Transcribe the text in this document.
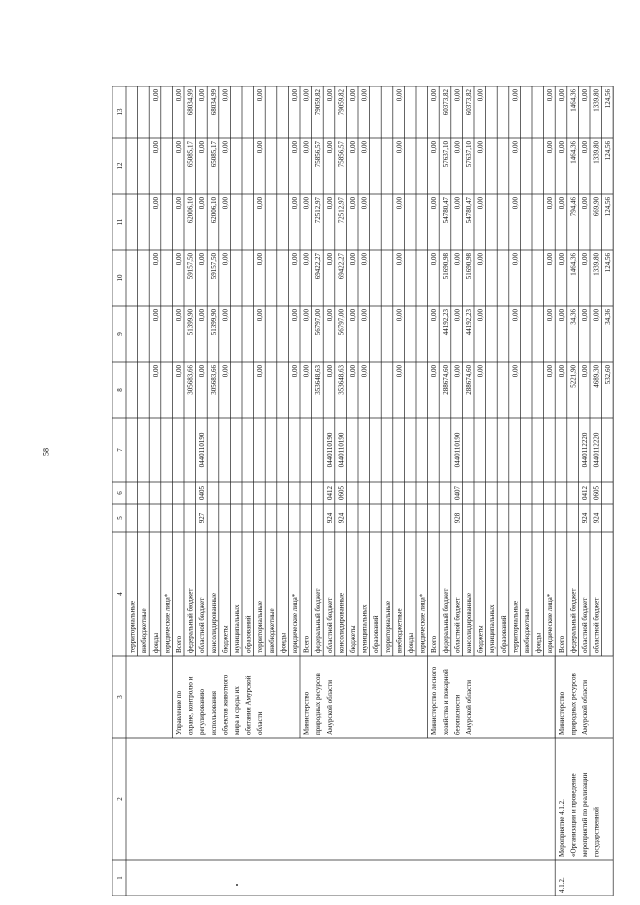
58
1
2
3
4
5
6
7
8
9
10
11
12
13
территориальные внебюджетные фонды
0,00
0,00
0,00
0,00
0,00
0,00
юридические лица*
Управление по
Всего
0,00
0,00
0,00
0,00
0,00
0,00
охране, контролю и
федеральный бюджет
305683,66
51399,90
59157,50
62006,10
65085,17
68034,99
регулированию
областной бюджет
927
0405
0440110190
0,00
0,00
0,00
0,00
0,00
0,00
использования
консолидированные
305683,66
51399,90
59157,50
62006,10
65085,17
68034,99
объектов животного
бюджеты
0,00
0,00
0,00
0,00
0,00
0,00
мира и среды их
муниципальных
обитания Амурской
образований
области
территориальные
0,00
0,00
0,00
0,00
0,00
0,00
внебюджетные фонды юридические лица*
0,00
0,00
0,00
0,00
0,00
0,00
Министерство
Всего
0,00
0,00
0,00
0,00
0,00
0,00
природных ресурсов
федеральный бюджет
353648,63
56797,00
69422,27
72512,97
75856,57
79059,82
Амурской области
областной бюджет
924
0412
0440110190
0,00
0,00
0,00
0,00
0,00
0,00
консолидированные
924
0605
0440110190
353648,63
56797,00
69422,27
72512,97
75856,57
79059,82
бюджеты
0,00
0,00
0,00
0,00
0,00
0,00
муниципальных
0,00
0,00
0,00
0,00
0,00
0,00
образований территориальные внебюджетные
0,00
0,00
0,00
0,00
0,00
0,00
фонды юридические лица*
Министерство лесного
Всего
0,00
0,00
0,00
0,00
0,00
0,00
хозяйства и пожарной
федеральный бюджет
288674,60
44192,23
51690,98
54780,47
57637,10
60373,82
безопасности
областной бюджет
928
0407
0440110190
0,00
0,00
0,00
0,00
0,00
0,00
Амурской области
консолидированные
288674,60
44192,23
51690,98
54780,47
57637,10
60373,82
бюджеты
0,00
0,00
0,00
0,00
0,00
0,00
муниципальных образований территориальные
0,00
0,00
0,00
0,00
0,00
0,00
внебюджетные фонды юридические лица*
0,00
0,00
0,00
0,00
0,00
0,00
4.1.2.
Мероприятие 4.1.2.
Министерство
Всего
0,00
0,00
0,00
0,00
0,00
0,00
«Организация и проведение
природных ресурсов
федеральный бюджет
5221,90
34,36
1464,36
794,46
1464,36
1464,36
мероприятий по реализации
Амурской области
областной бюджет
924
0412
0440112220
0,00
0,00
0,00
0,00
0,00
0,00
государственной
областной бюджет
924
0605
0440112220
4689,30
0,00
1339,80
669,90
1339,80
1339,80
532,60
34,36
124,56
124,56
124,56
124,56
